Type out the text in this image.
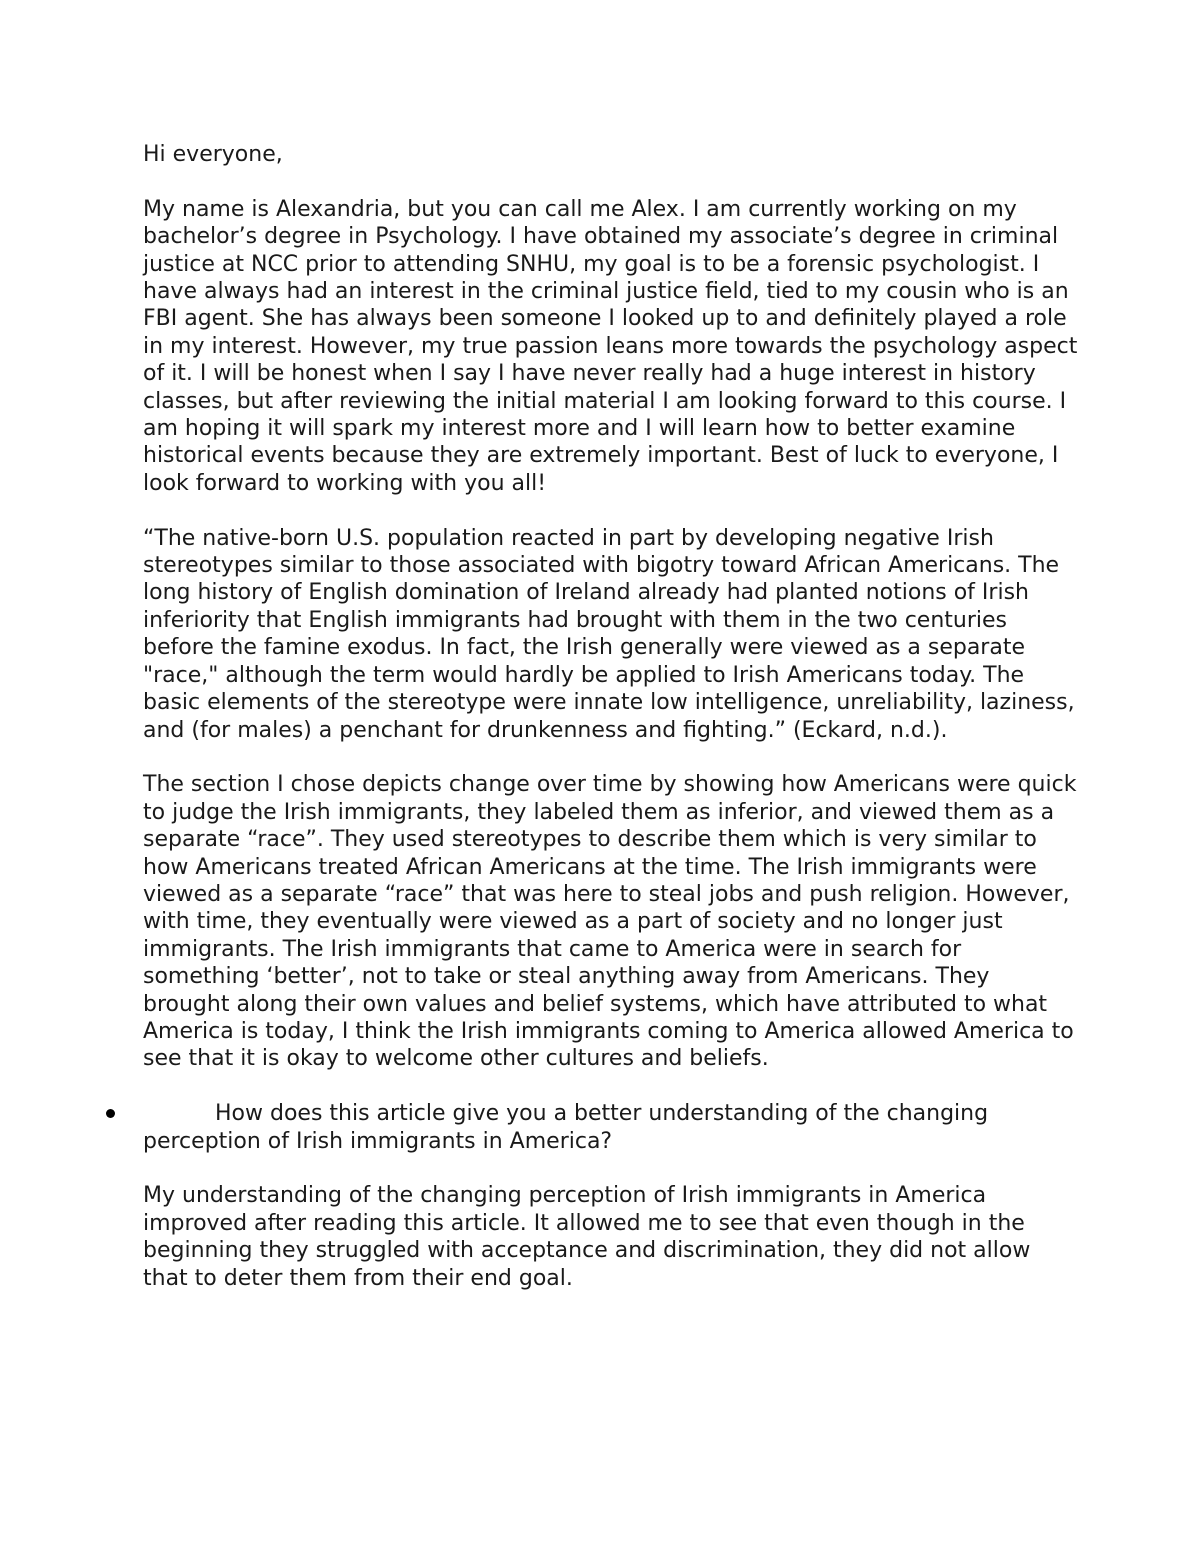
Hi everyone,

My name is Alexandria, but you can call me Alex. I am currently working on my bachelor’s degree in Psychology. I have obtained my associate’s degree in criminal justice at NCC prior to attending SNHU, my goal is to be a forensic psychologist. I have always had an interest in the criminal justice field, tied to my cousin who is an FBI agent. She has always been someone I looked up to and definitely played a role in my interest. However, my true passion leans more towards the psychology aspect of it. I will be honest when I say I have never really had a huge interest in history classes, but after reviewing the initial material I am looking forward to this course. I am hoping it will spark my interest more and I will learn how to better examine historical events because they are extremely important. Best of luck to everyone, I look forward to working with you all!

“The native-born U.S. population reacted in part by developing negative Irish stereotypes similar to those associated with bigotry toward African Americans. The long history of English domination of Ireland already had planted notions of Irish inferiority that English immigrants had brought with them in the two centuries before the famine exodus. In fact, the Irish generally were viewed as a separate "race," although the term would hardly be applied to Irish Americans today. The basic elements of the stereotype were innate low intelligence, unreliability, laziness, and (for males) a penchant for drunkenness and fighting.” (Eckard, n.d.).

The section I chose depicts change over time by showing how Americans were quick to judge the Irish immigrants, they labeled them as inferior, and viewed them as a separate “race”. They used stereotypes to describe them which is very similar to how Americans treated African Americans at the time. The Irish immigrants were viewed as a separate “race” that was here to steal jobs and push religion. However, with time, they eventually were viewed as a part of society and no longer just immigrants. The Irish immigrants that came to America were in search for something ‘better’, not to take or steal anything away from Americans. They brought along their own values and belief systems, which have attributed to what America is today, I think the Irish immigrants coming to America allowed America to see that it is okay to welcome other cultures and beliefs.

How does this article give you a better understanding of the changing perception of Irish immigrants in America?

My understanding of the changing perception of Irish immigrants in America improved after reading this article. It allowed me to see that even though in the beginning they struggled with acceptance and discrimination, they did not allow that to deter them from their end goal.
